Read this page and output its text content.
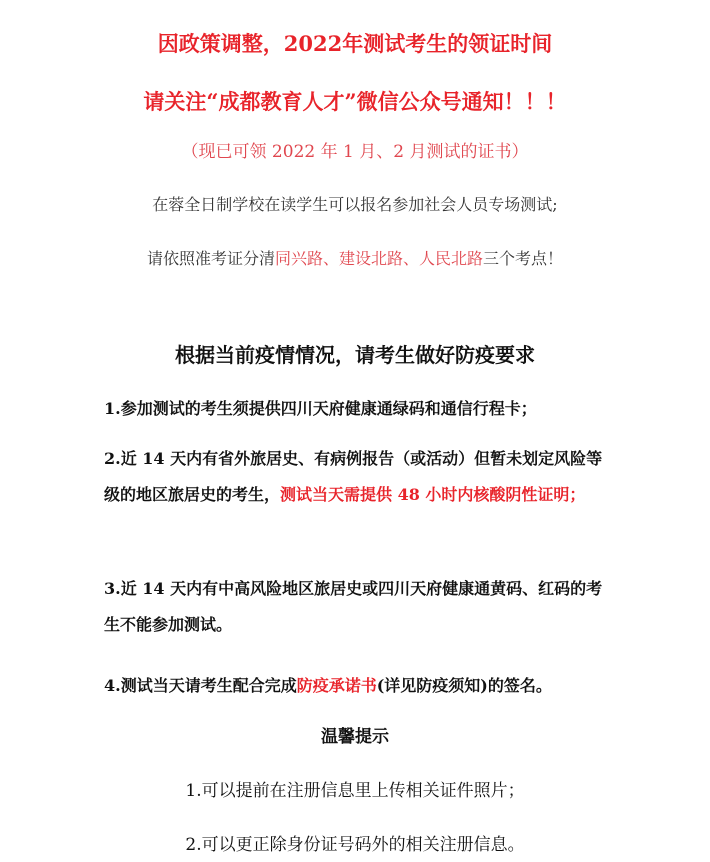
因政策调整，2022年测试考生的领证时间
请关注“成都教育人才”微信公众号通知！！！
（现已可领 2022 年 1 月、2 月测试的证书）
在蓉全日制学校在读学生可以报名参加社会人员专场测试;
请依照准考证分清同兴路、建设北路、人民北路三个考点！
根据当前疫情情况，请考生做好防疫要求
1.参加测试的考生须提供四川天府健康通绿码和通信行程卡；
2.近 14 天内有省外旅居史、有病例报告（或活动）但暂未划定风险等级的地区旅居史的考生，测试当天需提供 48 小时内核酸阴性证明；
3.近 14 天内有中高风险地区旅居史或四川天府健康通黄码、红码的考生不能参加测试。
4.测试当天请考生配合完成防疫承诺书(详见防疫须知)的签名。
温馨提示
1.可以提前在注册信息里上传相关证件照片；
2.可以更正除身份证号码外的相关注册信息。
